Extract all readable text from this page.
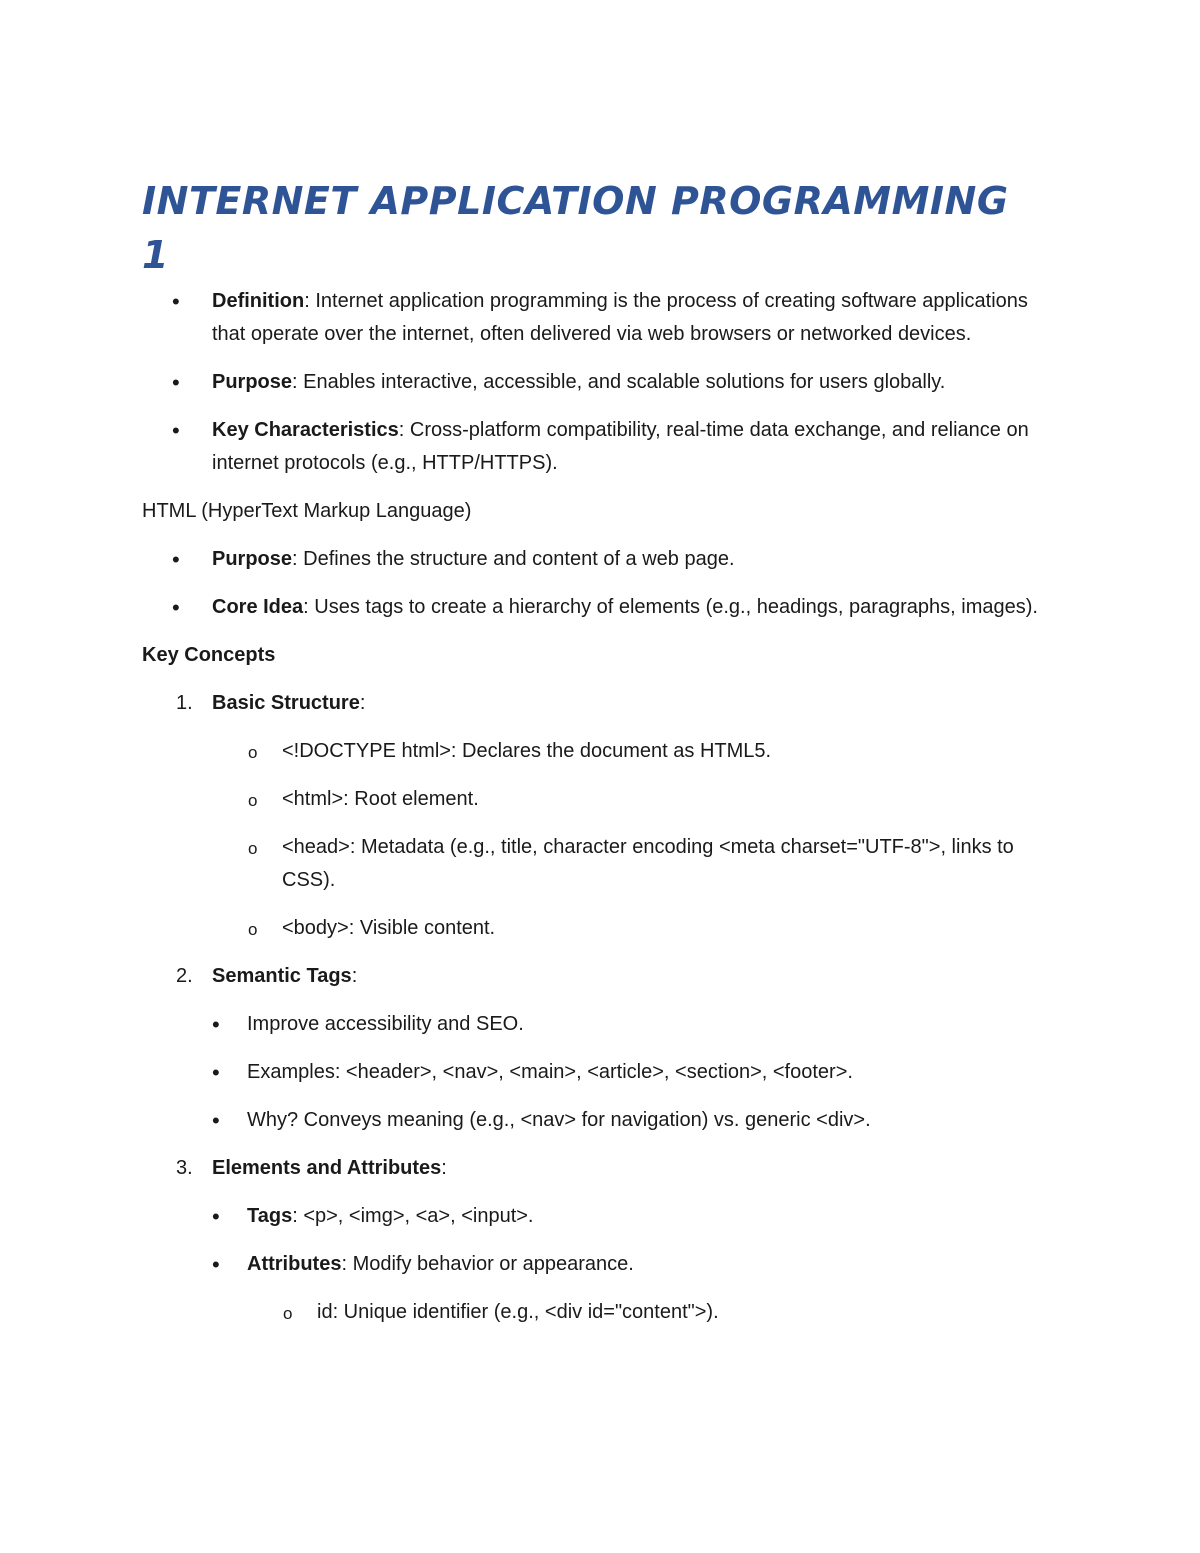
INTERNET APPLICATION PROGRAMMING 1
• Definition: Internet application programming is the process of creating software applications that operate over the internet, often delivered via web browsers or networked devices.
• Purpose: Enables interactive, accessible, and scalable solutions for users globally.
• Key Characteristics: Cross-platform compatibility, real-time data exchange, and reliance on internet protocols (e.g., HTTP/HTTPS).
HTML (HyperText Markup Language)
• Purpose: Defines the structure and content of a web page.
• Core Idea: Uses tags to create a hierarchy of elements (e.g., headings, paragraphs, images).
Key Concepts
1. Basic Structure:
o <!DOCTYPE html>: Declares the document as HTML5.
o <html>: Root element.
o <head>: Metadata (e.g., title, character encoding <meta charset="UTF-8">, links to CSS).
o <body>: Visible content.
2. Semantic Tags:
• Improve accessibility and SEO.
• Examples: <header>, <nav>, <main>, <article>, <section>, <footer>.
• Why? Conveys meaning (e.g., <nav> for navigation) vs. generic <div>.
3. Elements and Attributes:
• Tags: <p>, <img>, <a>, <input>.
• Attributes: Modify behavior or appearance.
o id: Unique identifier (e.g., <div id="content">).
